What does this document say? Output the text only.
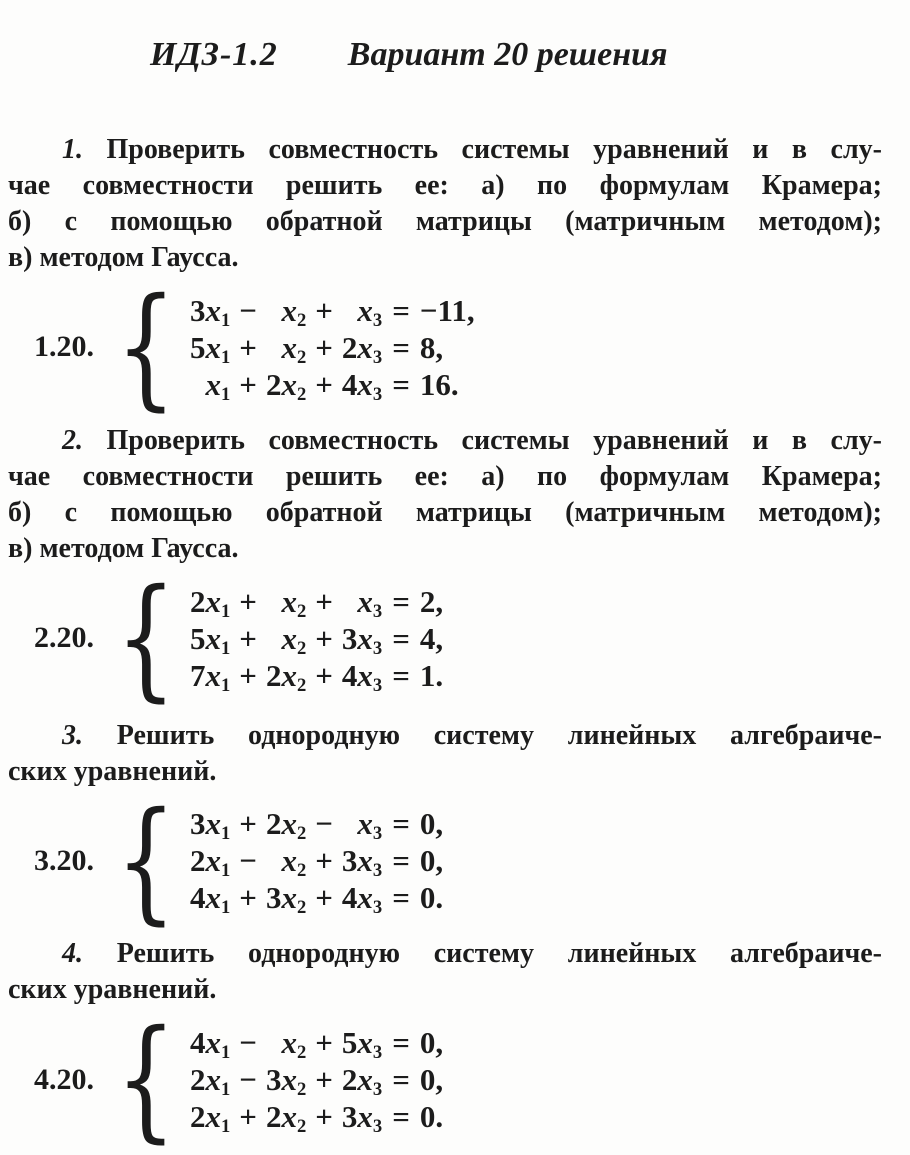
ИДЗ-1.2 Вариант 20 решения
1. Проверить совместность системы уравнений и в слу-
чае совместности решить ее: а) по формулам Крамера;
б) с помощью обратной матрицы (матричным методом);
в) методом Гаусса.
1.20. { $3x_1$	−	$x_2$	+	$x_3$	=	−11,
$5x_1$	+	$x_2$	+	$2x_3$	=	8,
$x_1$	+	$2x_2$	+	$4x_3$	=	16.
2. Проверить совместность системы уравнений и в слу-
чае совместности решить ее: а) по формулам Крамера;
б) с помощью обратной матрицы (матричным методом);
в) методом Гаусса.
2.20. { $2x_1$	+	$x_2$	+	$x_3$	=	2,
$5x_1$	+	$x_2$	+	$3x_3$	=	4,
$7x_1$	+	$2x_2$	+	$4x_3$	=	1.
3. Решить однородную систему линейных алгебраиче-
ских уравнений.
3.20. { $3x_1$	+	$2x_2$	−	$x_3$	=	0,
$2x_1$	−	$x_2$	+	$3x_3$	=	0,
$4x_1$	+	$3x_2$	+	$4x_3$	=	0.
4. Решить однородную систему линейных алгебраиче-
ских уравнений.
4.20. { $4x_1$	−	$x_2$	+	$5x_3$	=	0,
$2x_1$	−	$3x_2$	+	$2x_3$	=	0,
$2x_1$	+	$2x_2$	+	$3x_3$	=	0.
